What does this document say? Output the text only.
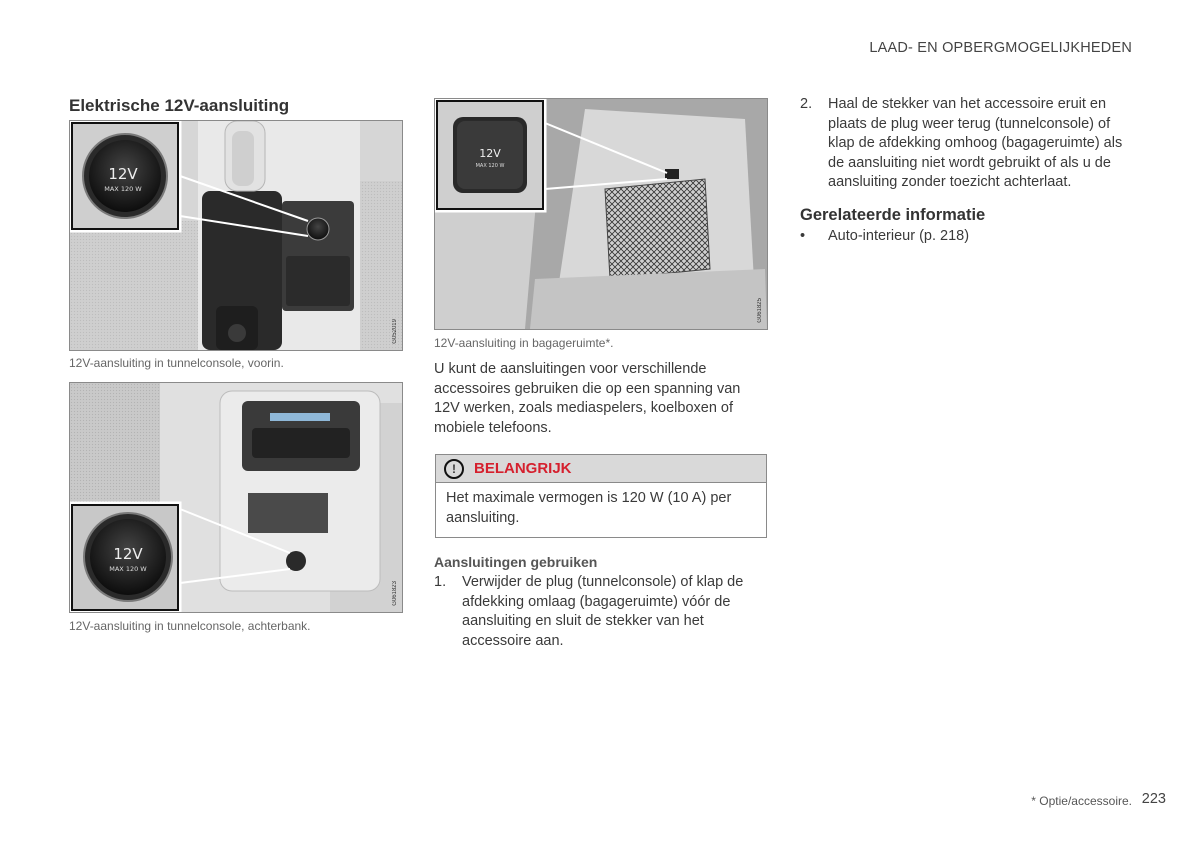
LAAD- EN OPBERGMOGELIJKHEDEN
Elektrische 12V-aansluiting
12V
MAX 120 W
G052019
12V-aansluiting in tunnelconsole, voorin.
12V
MAX 120 W
G061823
12V-aansluiting in tunnelconsole, achterbank.
12V
MAX 120 W
G061825
12V-aansluiting in bagageruimte*.

U kunt de aansluitingen voor verschillende accessoires gebruiken die op een spanning van 12V werken, zoals mediaspelers, koelboxen of mobiele telefoons.

!	BELANGRIJK
Het maximale vermogen is 120 W (10 A) per aansluiting.
Aansluitingen gebruiken
1.	Verwijder de plug (tunnelconsole) of klap de afdekking omlaag (bagageruimte) vóór de aansluiting en sluit de stekker van het accessoire aan.
2.	Haal de stekker van het accessoire eruit en plaats de plug weer terug (tunnelconsole) of klap de afdekking omhoog (bagageruimte) als de aansluiting niet wordt gebruikt of als u de aansluiting zonder toezicht achterlaat.
Gerelateerde informatie
•	Auto-interieur (p. 218)
* Optie/accessoire. 223
